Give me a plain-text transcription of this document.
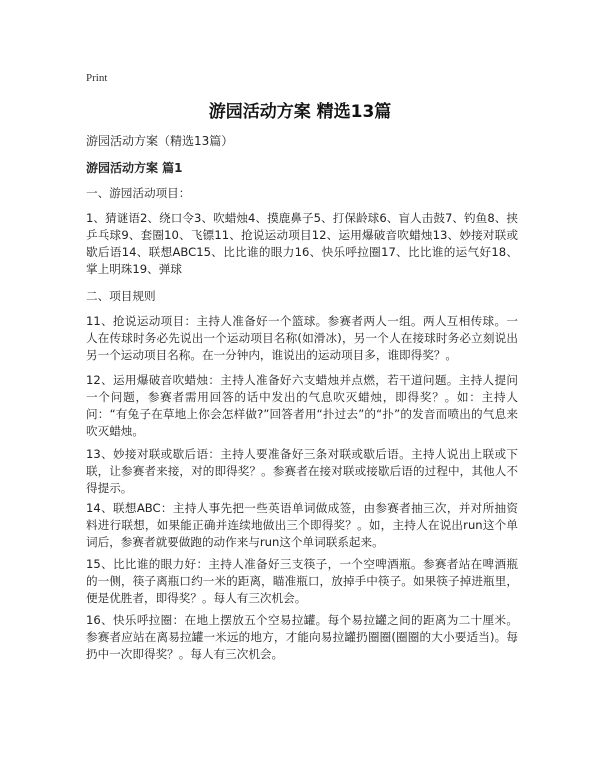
Print
游园活动方案 精选13篇
游园活动方案（精选13篇）
游园活动方案 篇1
一、游园活动项目：
1、猜谜语2、绕口令3、吹蜡烛4、摸鹿鼻子5、打保龄球6、盲人击鼓7、钓鱼8、挟乒乓球9、套圈10、飞镖11、抢说运动项目12、运用爆破音吹蜡烛13、妙接对联或歇后语14、联想ABC15、比比谁的眼力16、快乐呼拉圈17、比比谁的运气好18、掌上明珠19、弹球
二、项目规则
11、抢说运动项目：主持人准备好一个篮球。参赛者两人一组。两人互相传球。一人在传球时务必先说出一个运动项目名称(如滑冰)，另一个人在接球时务必立刻说出另一个运动项目名称。在一分钟内，谁说出的运动项目多，谁即得奖？。
12、运用爆破音吹蜡烛：主持人准备好六支蜡烛并点燃，若干道问题。主持人提问一个问题，参赛者需用回答的话中发出的气息吹灭蜡烛，即得奖？。如：主持人问：“有兔子在草地上你会怎样做?”回答者用“扑过去”的“扑”的发音而喷出的气息来吹灭蜡烛。
13、妙接对联或歇后语：主持人要准备好三条对联或歇后语。主持人说出上联或下联，让参赛者来接，对的即得奖？。参赛者在接对联或接歇后语的过程中，其他人不得提示。
14、联想ABC：主持人事先把一些英语单词做成签，由参赛者抽三次，并对所抽资料进行联想，如果能正确并连续地做出三个即得奖？。如，主持人在说出run这个单词后，参赛者就要做跑的动作来与run这个单词联系起来。
15、比比谁的眼力好：主持人准备好三支筷子，一个空啤酒瓶。参赛者站在啤酒瓶的一侧，筷子离瓶口约一米的距离，瞄准瓶口，放掉手中筷子。如果筷子掉进瓶里，便是优胜者，即得奖？。每人有三次机会。
16、快乐呼拉圈：在地上摆放五个空易拉罐。每个易拉罐之间的距离为二十厘米。参赛者应站在离易拉罐一米远的地方，才能向易拉罐扔圈圈(圈圈的大小要适当)。每扔中一次即得奖？。每人有三次机会。
